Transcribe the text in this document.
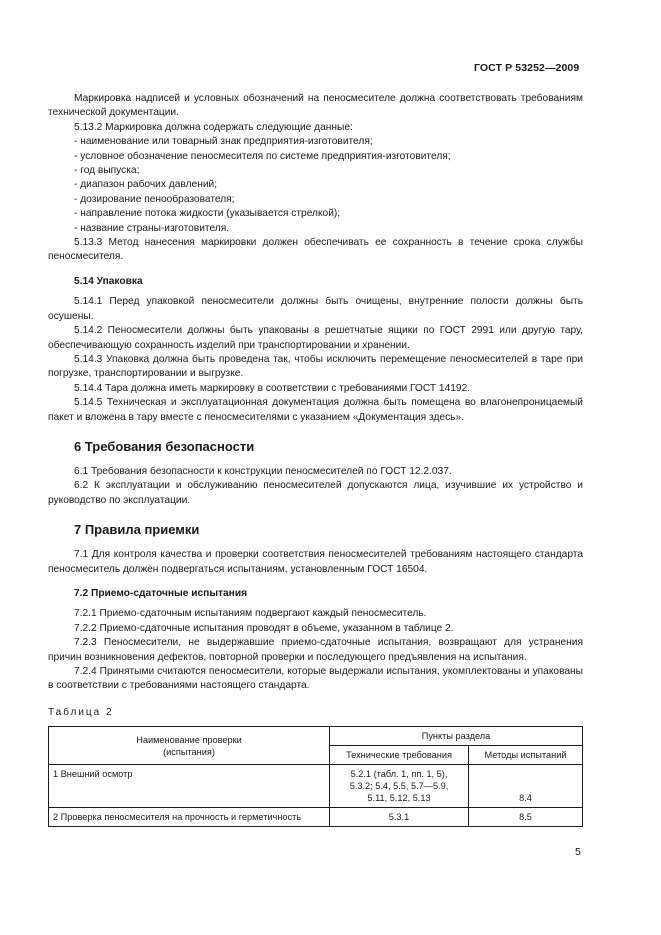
ГОСТ Р 53252—2009

Маркировка надписей и условных обозначений на пеносмесителе должна соответствовать требованиям технической документации.

5.13.2 Маркировка должна содержать следующие данные:

- наименование или товарный знак предприятия-изготовителя;

- условное обозначение пеносмесителя по системе предприятия-изготовителя;

- год выпуска;

- диапазон рабочих давлений;

- дозирование пенообразователя;

- направление потока жидкости (указывается стрелкой);

- название страны-изготовителя.

5.13.3 Метод нанесения маркировки должен обеспечивать ее сохранность в течение срока службы пеносмесителя.

5.14 Упаковка

5.14.1 Перед упаковкой пеносмесители должны быть очищены, внутренние полости должны быть осушены.

5.14.2 Пеносмесители должны быть упакованы в решетчатые ящики по ГОСТ 2991 или другую тару, обеспечивающую сохранность изделий при транспортировании и хранении.

5.14.3 Упаковка должна быть проведена так, чтобы исключить перемещение пеносмесителей в таре при погрузке, транспортировании и выгрузке.

5.14.4 Тара должна иметь маркировку в соответствии с требованиями ГОСТ 14192.

5.14.5 Техническая и эксплуатационная документация должна быть помещена во влагонепроницаемый пакет и вложена в тару вместе с пеносмесителями с указанием «Документация здесь».

6 Требования безопасности

6.1 Требования безопасности к конструкции пеносмесителей по ГОСТ 12.2.037.

6.2 К эксплуатации и обслуживанию пеносмесителей допускаются лица, изучившие их устройство и руководство по эксплуатации.

7 Правила приемки

7.1 Для контроля качества и проверки соответствия пеносмесителей требованиям настоящего стандарта пеносмеситель должен подвергаться испытаниям, установленным ГОСТ 16504.

7.2 Приемо-сдаточные испытания

7.2.1 Приемо-сдаточным испытаниям подвергают каждый пеносмеситель.

7.2.2 Приемо-сдаточные испытания проводят в объеме, указанном в таблице 2.

7.2.3 Пеносмесители, не выдержавшие приемо-сдаточные испытания, возвращают для устранения причин возникновения дефектов, повторной проверки и последующего предъявления на испытания.

7.2.4 Принятыми считаются пеносмесители, которые выдержали испытания, укомплектованы и упакованы в соответствии с требованиями настоящего стандарта.

Таблица 2

Наименование проверки
(испытания)	Пункты раздела	
	Технические требования	Методы испытаний
1 Внешний осмотр	5.2.1 (табл. 1, пп. 1, 5),
5.3.2; 5.4, 5.5, 5.7—5.9,
5.11, 5.12, 5.13	8.4
2 Проверка пеносмесителя на прочность и герметичность	5.3.1	8.5
5
